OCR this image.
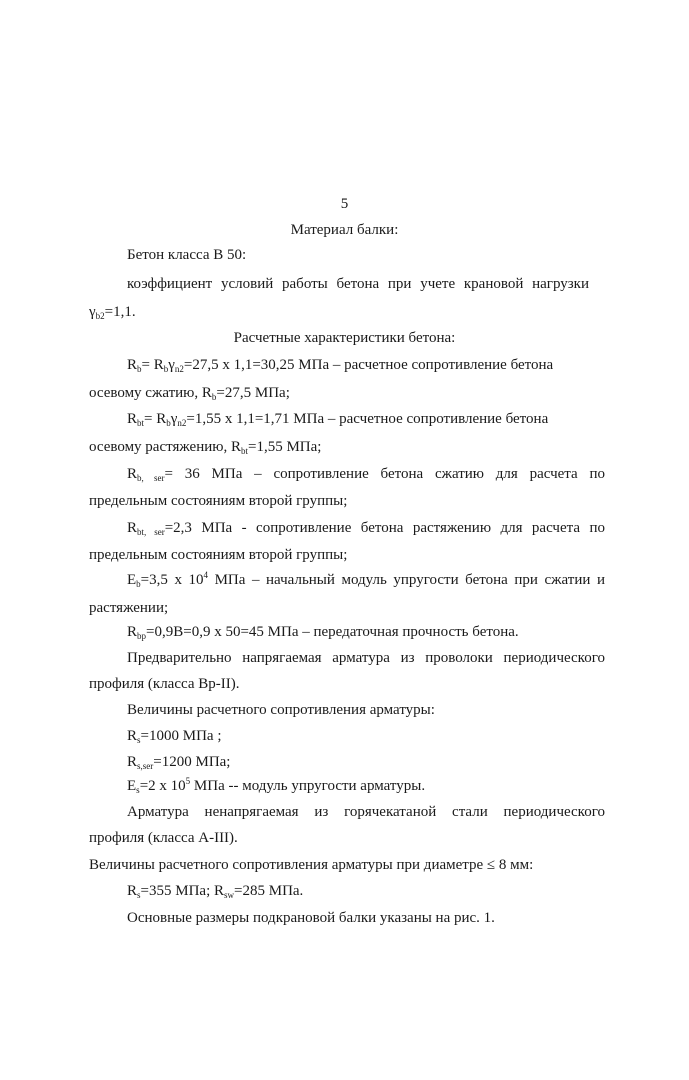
5

Материал балки:

Бетон класса В 50:

коэффициент условий работы бетона при учете крановой нагрузки

$\gamma_{b2}=1,1$.

Расчетные характеристики бетона:

$R_b= R_b\gamma_{n2}=27,5$ x 1,1=30,25 МПа – расчетное сопротивление бетона

осевому сжатию, $R_b=27,5$ МПа;

$R_{bt}= R_b\gamma_{n2}=1,55$ x 1,1=1,71 МПа – расчетное сопротивление бетона

осевому растяжению, $R_{bt}=1,55$ МПа;

$R_{b, ser}= 36$ МПа – сопротивление бетона сжатию для расчета по

предельным состояниям второй группы;

$R_{bt, ser}=2,3$ МПа - сопротивление бетона растяжению для расчета по

предельным состояниям второй группы;

$E_b=3,5$ x $10^4$ МПа – начальный модуль упругости бетона при сжатии и

растяжении;

$R_{bp}=0,9В=0,9$ x 50=45 МПа – передаточная прочность бетона.

Предварительно напрягаемая арматура из проволоки периодического

профиля (класса Вр-II).

Величины расчетного сопротивления арматуры:

$R_s=1000$ МПа ;

$R_{s,ser}=1200$ МПа;

$E_s=2$ x $10^5$ МПа -- модуль упругости арматуры.

Арматура ненапрягаемая из горячекатаной стали периодического

профиля (класса А-III).

Величины расчетного сопротивления арматуры при диаметре ≤ 8 мм:

$R_s=355$ МПа; $R_{sw}=285$ МПа.

Основные размеры подкрановой балки указаны на рис. 1.
